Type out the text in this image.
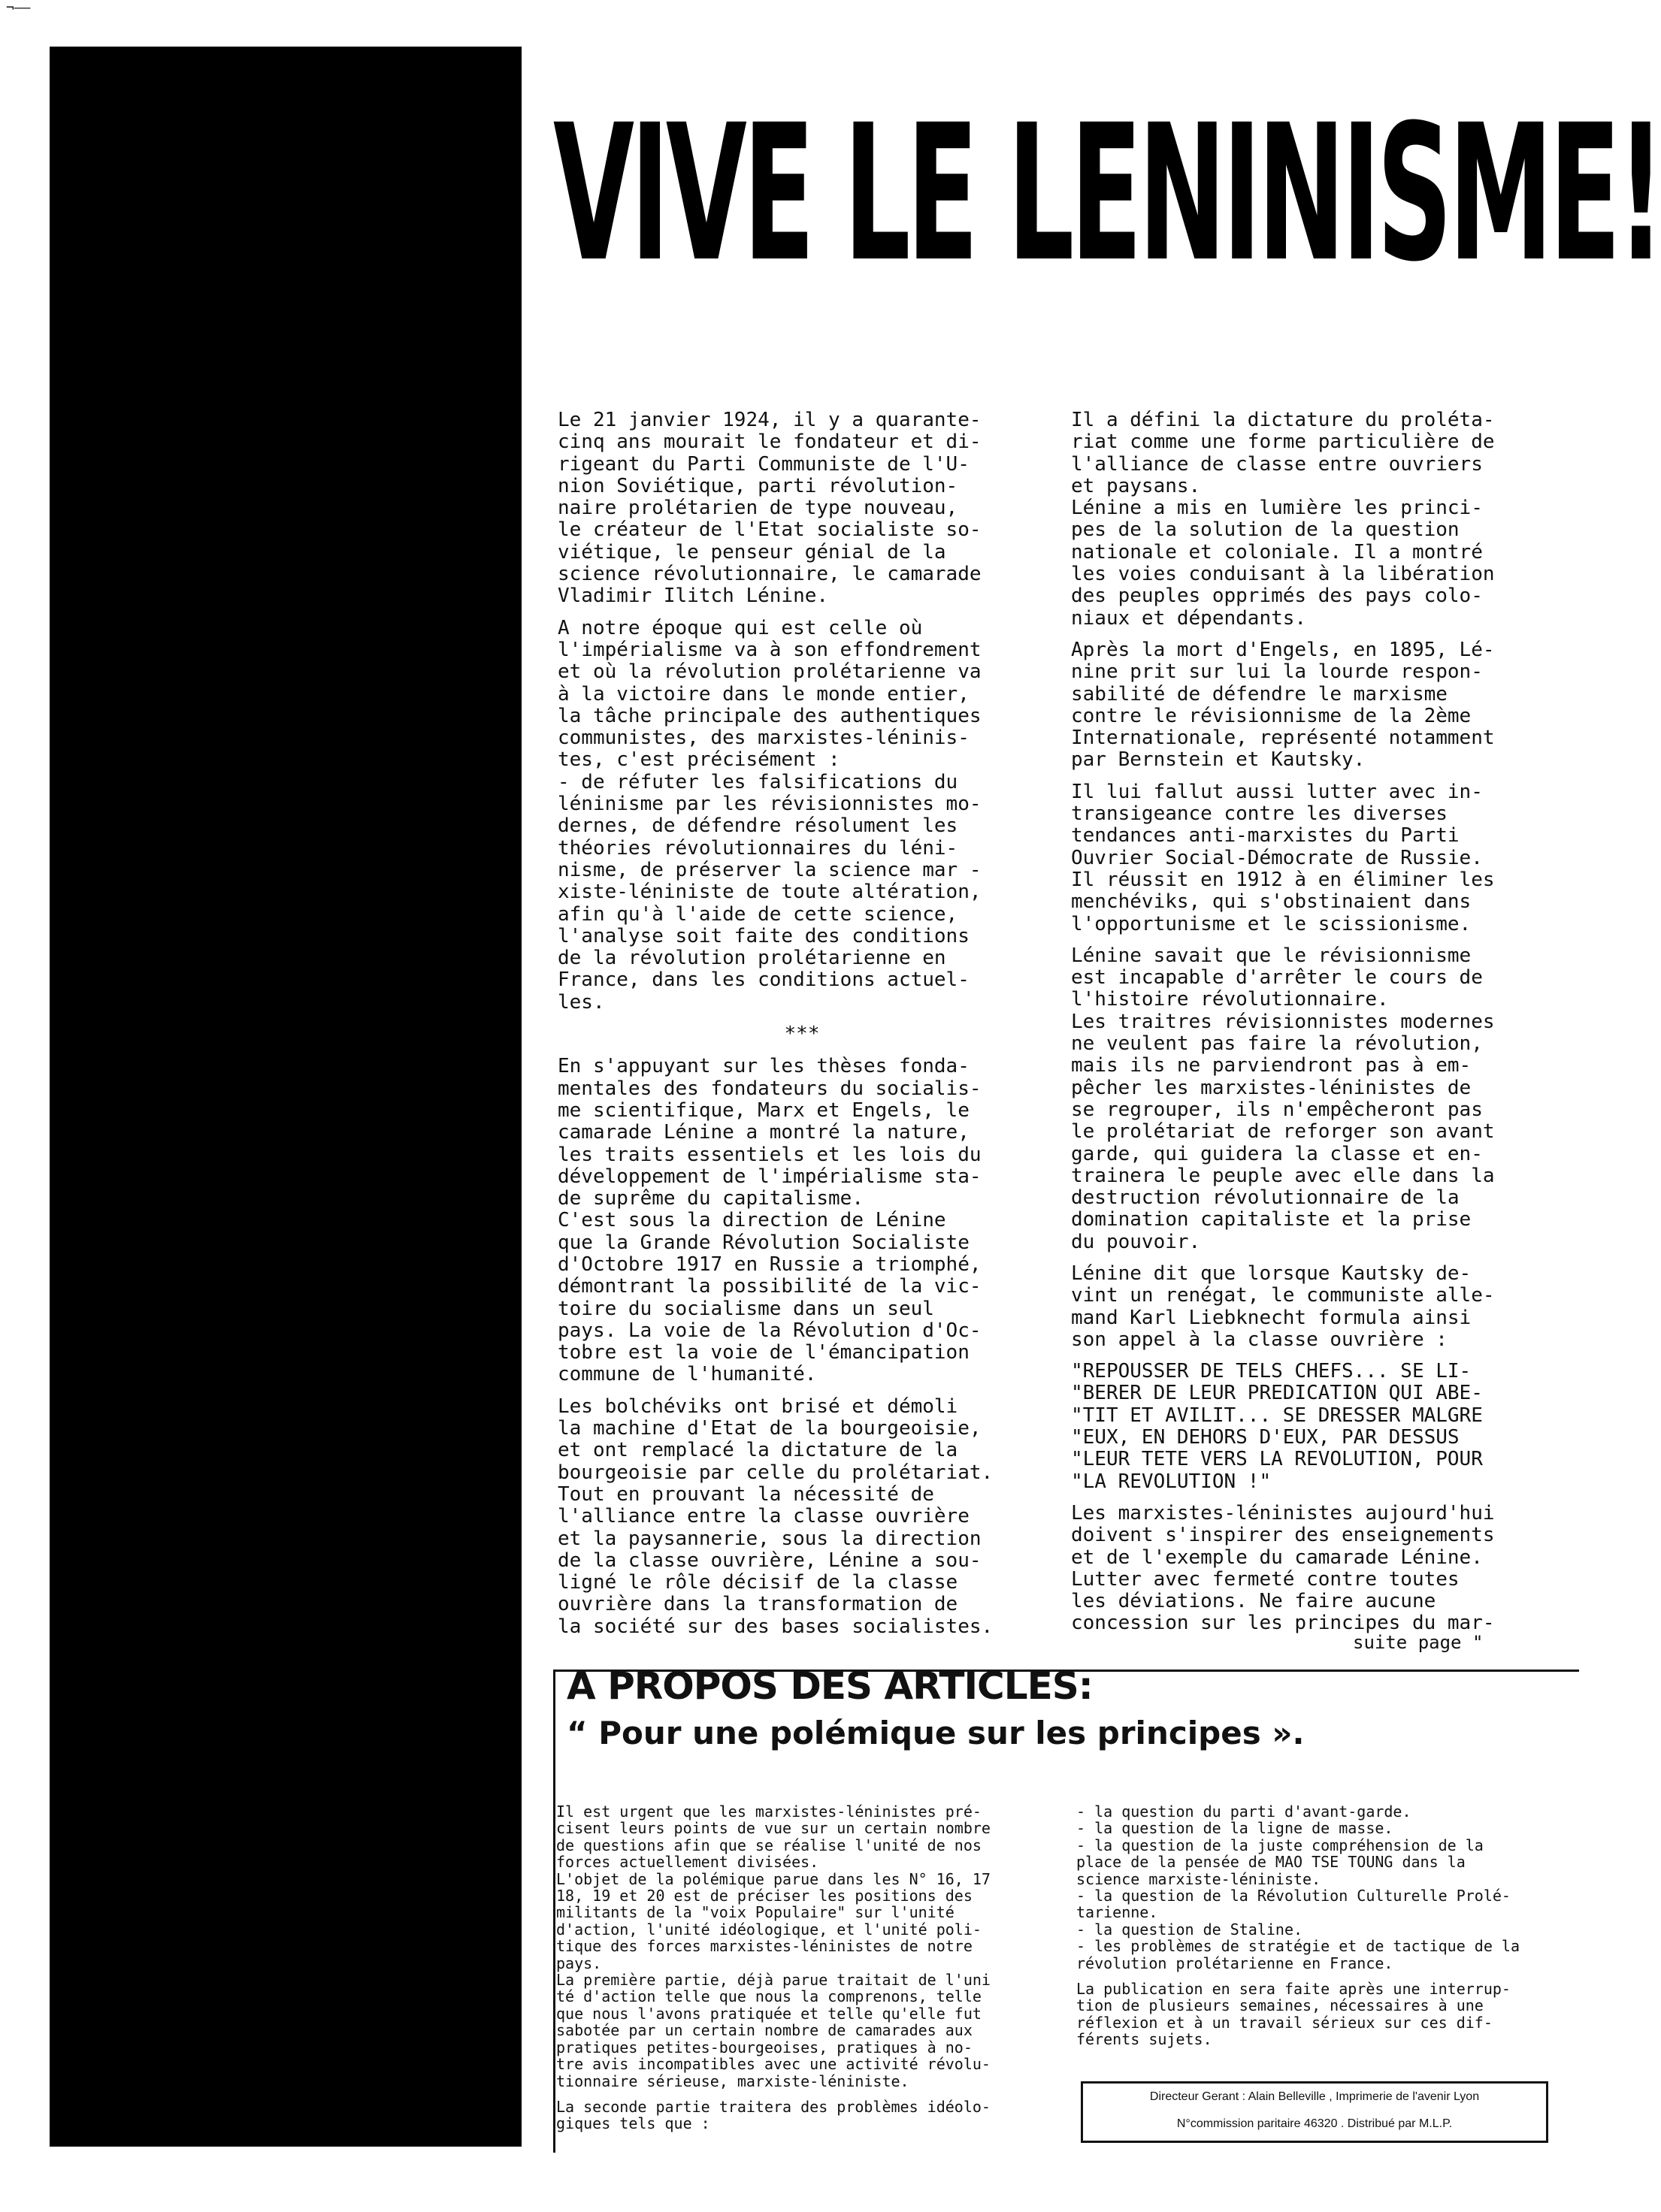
¬–—
VIVE LE LENINISME!

Le 21 janvier 1924, il y a quarante-
cinq ans mourait le fondateur et di-
rigeant du Parti Communiste de l'U-
nion Soviétique, parti révolution-
naire prolétarien de type nouveau,
le créateur de l'Etat socialiste so-
viétique, le penseur génial de la
science révolutionnaire, le camarade
Vladimir Ilitch Lénine.

A notre époque qui est celle où
l'impérialisme va à son effondrement
et où la révolution prolétarienne va
à la victoire dans le monde entier,
la tâche principale des authentiques
communistes, des marxistes-léninis-
tes, c'est précisément :
- de réfuter les falsifications du
léninisme par les révisionnistes mo-
dernes, de défendre résolument les
théories révolutionnaires du léni-
nisme, de préserver la science mar -
xiste-léniniste de toute altération,
afin qu'à l'aide de cette science,
l'analyse soit faite des conditions
de la révolution prolétarienne en
France, dans les conditions actuel-
les.

***

En s'appuyant sur les thèses fonda-
mentales des fondateurs du socialis-
me scientifique, Marx et Engels, le
camarade Lénine a montré la nature,
les traits essentiels et les lois du
développement de l'impérialisme sta-
de suprême du capitalisme.
C'est sous la direction de Lénine
que la Grande Révolution Socialiste
d'Octobre 1917 en Russie a triomphé,
démontrant la possibilité de la vic-
toire du socialisme dans un seul
pays. La voie de la Révolution d'Oc-
tobre est la voie de l'émancipation
commune de l'humanité.

Les bolchéviks ont brisé et démoli
la machine d'Etat de la bourgeoisie,
et ont remplacé la dictature de la
bourgeoisie par celle du prolétariat.
Tout en prouvant la nécessité de
l'alliance entre la classe ouvrière
et la paysannerie, sous la direction
de la classe ouvrière, Lénine a sou-
ligné le rôle décisif de la classe
ouvrière dans la transformation de
la société sur des bases socialistes.

Il a défini la dictature du proléta-
riat comme une forme particulière de
l'alliance de classe entre ouvriers
et paysans.
Lénine a mis en lumière les princi-
pes de la solution de la question
nationale et coloniale. Il a montré
les voies conduisant à la libération
des peuples opprimés des pays colo-
niaux et dépendants.

Après la mort d'Engels, en 1895, Lé-
nine prit sur lui la lourde respon-
sabilité de défendre le marxisme
contre le révisionnisme de la 2ème
Internationale, représenté notamment
par Bernstein et Kautsky.

Il lui fallut aussi lutter avec in-
transigeance contre les diverses
tendances anti-marxistes du Parti
Ouvrier Social-Démocrate de Russie.
Il réussit en 1912 à en éliminer les
menchéviks, qui s'obstinaient dans
l'opportunisme et le scissionisme.

Lénine savait que le révisionnisme
est incapable d'arrêter le cours de
l'histoire révolutionnaire.
Les traitres révisionnistes modernes
ne veulent pas faire la révolution,
mais ils ne parviendront pas à em-
pêcher les marxistes-léninistes de
se regrouper, ils n'empêcheront pas
le prolétariat de reforger son avant
garde, qui guidera la classe et en-
trainera le peuple avec elle dans la
destruction révolutionnaire de la
domination capitaliste et la prise
du pouvoir.

Lénine dit que lorsque Kautsky de-
vint un renégat, le communiste alle-
mand Karl Liebknecht formula ainsi
son appel à la classe ouvrière :

"REPOUSSER DE TELS CHEFS... SE LI-
"BERER DE LEUR PREDICATION QUI ABE-
"TIT ET AVILIT... SE DRESSER MALGRE
"EUX, EN DEHORS D'EUX, PAR DESSUS
"LEUR TETE VERS LA REVOLUTION, POUR
"LA REVOLUTION !"

Les marxistes-léninistes aujourd'hui
doivent s'inspirer des enseignements
et de l'exemple du camarade Lénine.
Lutter avec fermeté contre toutes
les déviations. Ne faire aucune
concession sur les principes du mar-

suite page "
A PROPOS DES ARTICLES:
“ Pour une polémique sur les principes ».

Il est urgent que les marxistes-léninistes pré-
cisent leurs points de vue sur un certain nombre
de questions afin que se réalise l'unité de nos
forces actuellement divisées.
L'objet de la polémique parue dans les N° 16, 17
18, 19 et 20 est de préciser les positions des
militants de la "voix Populaire" sur l'unité
d'action, l'unité idéologique, et l'unité poli-
tique des forces marxistes-léninistes de notre
pays.
La première partie, déjà parue traitait de l'uni
té d'action telle que nous la comprenons, telle
que nous l'avons pratiquée et telle qu'elle fut
sabotée par un certain nombre de camarades aux
pratiques petites-bourgeoises, pratiques à no-
tre avis incompatibles avec une activité révolu-
tionnaire sérieuse, marxiste-léniniste.

La seconde partie traitera des problèmes idéolo-
giques tels que :

- la question du parti d'avant-garde.
- la question de la ligne de masse.
- la question de la juste compréhension de la
place de la pensée de MAO TSE TOUNG dans la
science marxiste-léniniste.
- la question de la Révolution Culturelle Prolé-
tarienne.
- la question de Staline.
- les problèmes de stratégie et de tactique de la
révolution prolétarienne en France.

La publication en sera faite après une interrup-
tion de plusieurs semaines, nécessaires à une
réflexion et à un travail sérieux sur ces dif-
férents sujets.

Directeur Gerant : Alain Belleville , Imprimerie de l'avenir Lyon
N°commission paritaire 46320 . Distribué par M.L.P.
